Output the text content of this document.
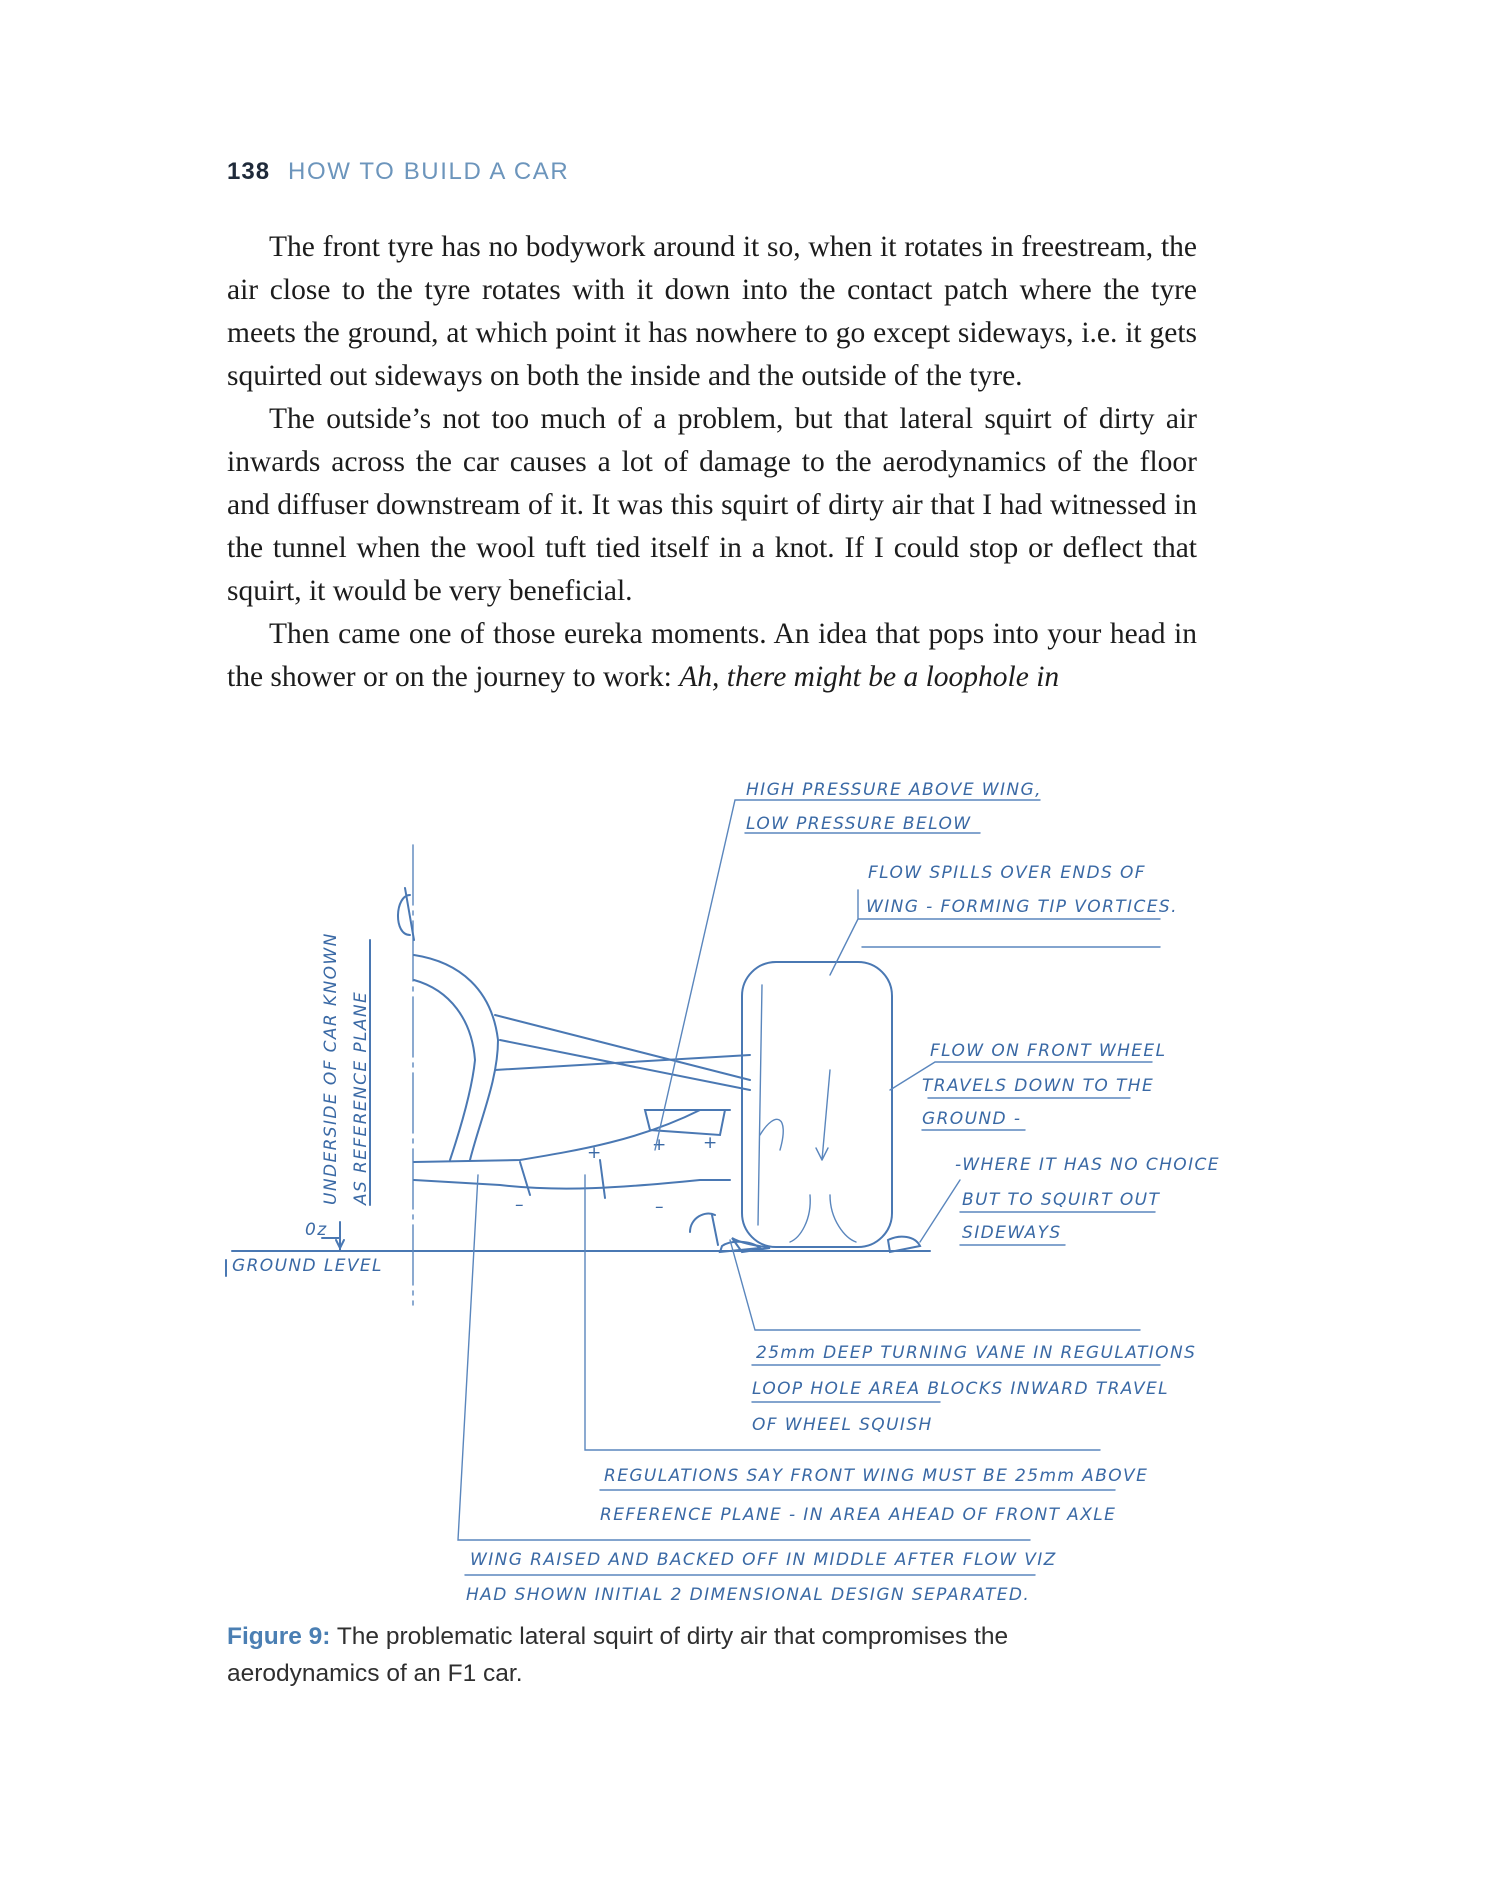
138 HOW TO BUILD A CAR

The front tyre has no bodywork around it so, when it rotates in freestream, the air close to the tyre rotates with it down into the contact patch where the tyre meets the ground, at which point it has nowhere to go except sideways, i.e. it gets squirted out sideways on both the inside and the outside of the tyre.

The outside’s not too much of a problem, but that lateral squirt of dirty air inwards across the car causes a lot of damage to the aerodynamics of the floor and diffuser downstream of it. It was this squirt of dirty air that I had witnessed in the tunnel when the wool tuft tied itself in a knot. If I could stop or deflect that squirt, it would be very beneficial.

Then came one of those eureka moments. An idea that pops into your head in the shower or on the journey to work: Ah, there might be a loophole in

+	+ +
–	–
HIGH PRESSURE ABOVE WING,
LOW PRESSURE BELOW
FLOW SPILLS OVER ENDS OF
WING - FORMING TIP VORTICES.
FLOW ON FRONT WHEEL
TRAVELS DOWN TO THE
GROUND -
-WHERE IT HAS NO CHOICE
BUT TO SQUIRT OUT
SIDEWAYS
UNDERSIDE OF CAR KNOWN AS REFERENCE PLANE
0z
GROUND LEVEL
25mm DEEP TURNING VANE IN REGULATIONS
LOOP HOLE AREA BLOCKS INWARD TRAVEL
OF WHEEL SQUISH
REGULATIONS SAY FRONT WING MUST BE 25mm ABOVE
REFERENCE PLANE - IN AREA AHEAD OF FRONT AXLE
WING RAISED AND BACKED OFF IN MIDDLE AFTER FLOW VIZ
HAD SHOWN INITIAL 2 DIMENSIONAL DESIGN SEPARATED.
Figure 9: The problematic lateral squirt of dirty air that compromises the aerodynamics of an F1 car.
